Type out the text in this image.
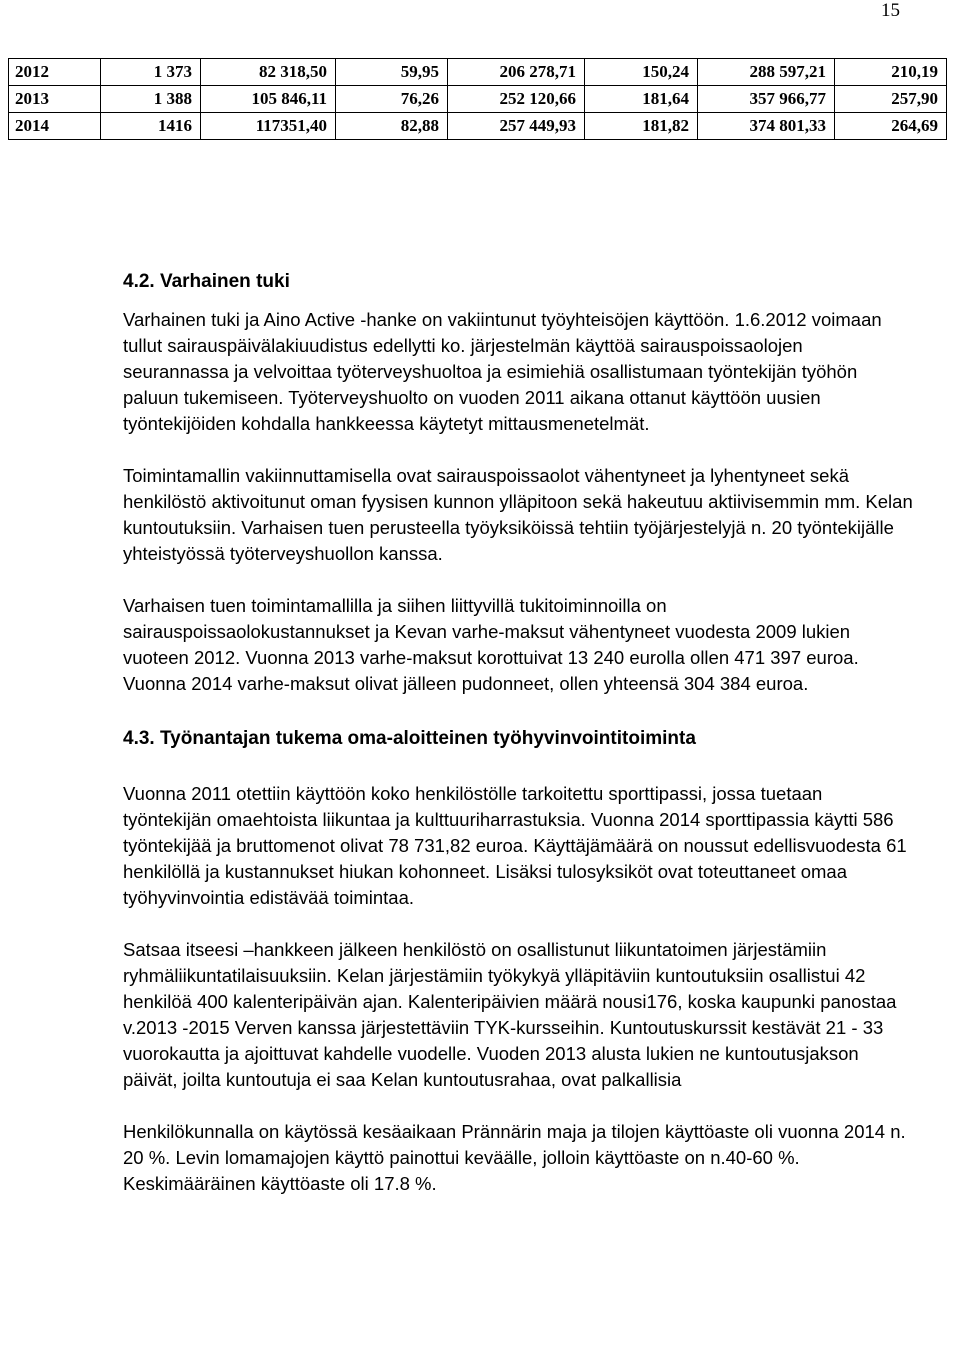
15
2012	1 373	82 318,50	59,95	206 278,71	150,24	288 597,21	210,19
2013	1 388	105 846,11	76,26	252 120,66	181,64	357 966,77	257,90
2014	1416	117351,40	82,88	257 449,93	181,82	374 801,33	264,69
4.2. Varhainen tuki

Varhainen tuki ja Aino Active -hanke on vakiintunut työyhteisöjen käyttöön. 1.6.2012 voimaan tullut sairauspäivälakiuudistus edellytti ko. järjestelmän käyttöä sairauspoissaolojen seurannassa ja velvoittaa työterveyshuoltoa ja esimiehiä osallistumaan työntekijän työhön paluun tukemiseen. Työterveyshuolto on vuoden 2011 aikana ottanut käyttöön uusien työntekijöiden kohdalla hankkeessa käytetyt mittausmenetelmät.

Toimintamallin vakiinnuttamisella ovat sairauspoissaolot vähentyneet ja lyhentyneet sekä henkilöstö aktivoitunut oman fyysisen kunnon ylläpitoon sekä hakeutuu aktiivisemmin mm. Kelan kuntoutuksiin. Varhaisen tuen perusteella työyksiköissä tehtiin työjärjestelyjä n. 20 työntekijälle yhteistyössä työterveyshuollon kanssa.

Varhaisen tuen toimintamallilla ja siihen liittyvillä tukitoiminnoilla on sairauspoissaolokustannukset ja Kevan varhe-maksut vähentyneet vuodesta 2009 lukien vuoteen 2012. Vuonna 2013 varhe-maksut korottuivat 13 240 eurolla ollen 471 397 euroa. Vuonna 2014 varhe-maksut olivat jälleen pudonneet, ollen yhteensä 304 384 euroa.

4.3. Työnantajan tukema oma-aloitteinen työhyvinvointitoiminta

Vuonna 2011 otettiin käyttöön koko henkilöstölle tarkoitettu sporttipassi, jossa tuetaan työntekijän omaehtoista liikuntaa ja kulttuuriharrastuksia. Vuonna 2014 sporttipassia käytti 586 työntekijää ja bruttomenot olivat 78 731,82 euroa. Käyttäjämäärä on noussut edellisvuodesta 61 henkilöllä ja kustannukset hiukan kohonneet. Lisäksi tulosyksiköt ovat toteuttaneet omaa työhyvinvointia edistävää toimintaa.

Satsaa itseesi –hankkeen jälkeen henkilöstö on osallistunut liikuntatoimen järjestämiin ryhmäliikuntatilaisuuksiin. Kelan järjestämiin työkykyä ylläpitäviin kuntoutuksiin osallistui 42 henkilöä 400 kalenteripäivän ajan. Kalenteripäivien määrä nousi176, koska kaupunki panostaa v.2013 -2015 Verven kanssa järjestettäviin TYK-kursseihin. Kuntoutuskurssit kestävät 21 - 33 vuorokautta ja ajoittuvat kahdelle vuodelle. Vuoden 2013 alusta lukien ne kuntoutusjakson päivät, joilta kuntoutuja ei saa Kelan kuntoutusrahaa, ovat palkallisia

Henkilökunnalla on käytössä kesäaikaan Prännärin maja ja tilojen käyttöaste oli vuonna 2014 n. 20 %. Levin lomamajojen käyttö painottui keväälle, jolloin käyttöaste on n.40-60 %. Keskimääräinen käyttöaste oli 17.8 %.
